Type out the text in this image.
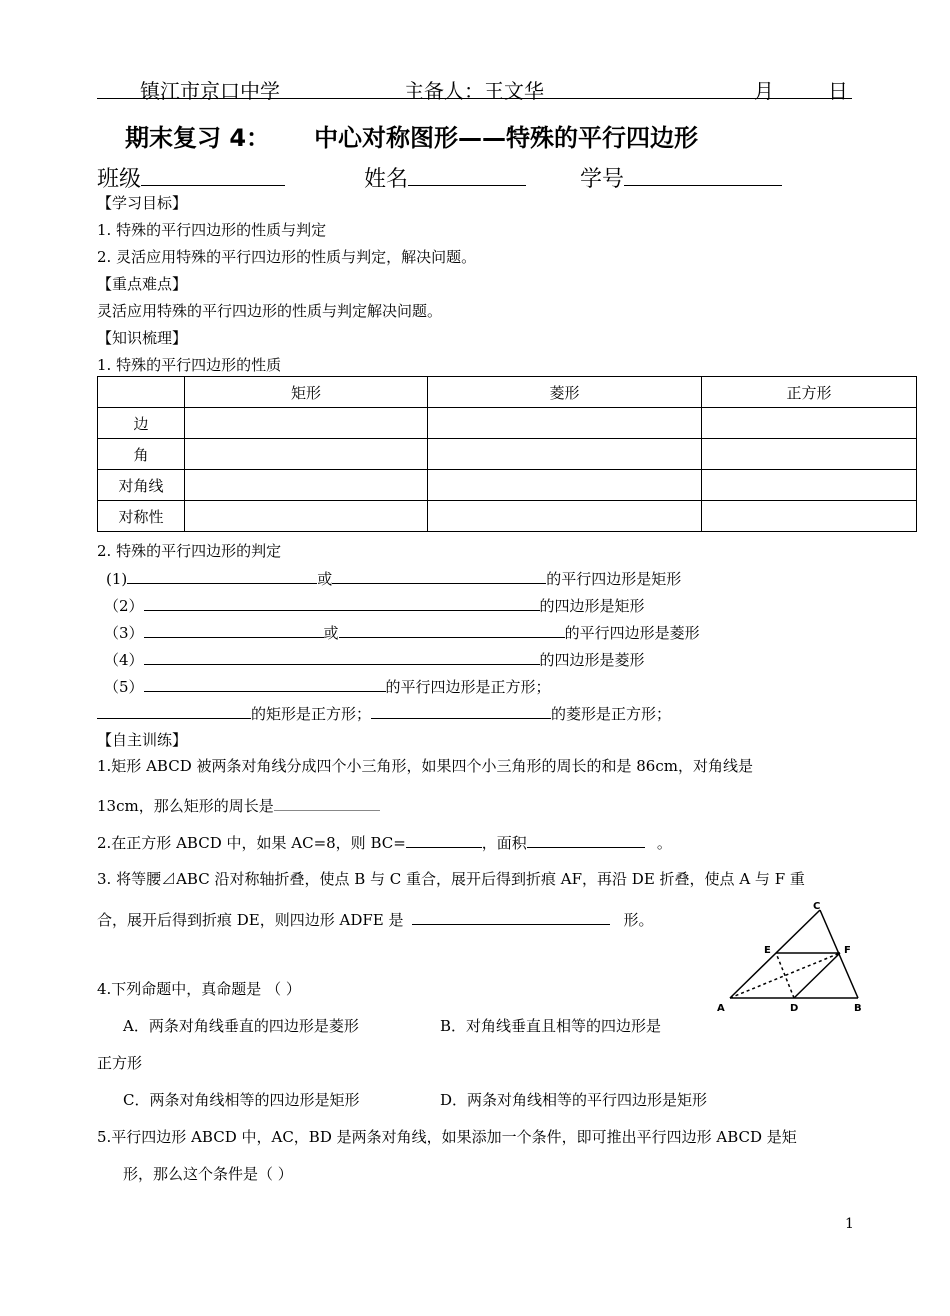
镇江市京口中学	主备人：王文华	月	日
期末复习 4： 中心对称图形——特殊的平行四边形
班级	姓名	学号
【学习目标】
1. 特殊的平行四边形的性质与判定
2. 灵活应用特殊的平行四边形的性质与判定，解决问题。
【重点难点】
灵活应用特殊的平行四边形的性质与判定解决问题。
【知识梳理】
1. 特殊的平行四边形的性质
	矩形	菱形	正方形
边			
角			
对角线			
对称性			
2. 特殊的平行四边形的判定
(1)	或	的平行四边形是矩形
（2）	的四边形是矩形
（3）	或	的平行四边形是菱形
（4）	的四边形是菱形
（5）	的平行四边形是正方形；
的矩形是正方形；	的菱形是正方形；
【自主训练】
1.矩形 ABCD 被两条对角线分成四个小三角形，如果四个小三角形的周长的和是 86cm，对角线是
13cm，那么矩形的周长是
2.在正方形 ABCD 中，如果 AC=8，则 BC=	，面积	。
3. 将等腰⊿ABC 沿对称轴折叠，使点 B 与 C 重合，展开后得到折痕 AF，再沿 DE 折叠，使点 A 与 F 重
合，展开后得到折痕 DE，则四边形 ADFE 是	形。
C
E	F
A	D	B
4.下列命题中，真命题是 （ ）
A．两条对角线垂直的四边形是菱形	B．对角线垂直且相等的四边形是
正方形
C．两条对角线相等的四边形是矩形	D．两条对角线相等的平行四边形是矩形
5.平行四边形 ABCD 中，AC，BD 是两条对角线，如果添加一个条件，即可推出平行四边形 ABCD 是矩
形，那么这个条件是（ ）
1
